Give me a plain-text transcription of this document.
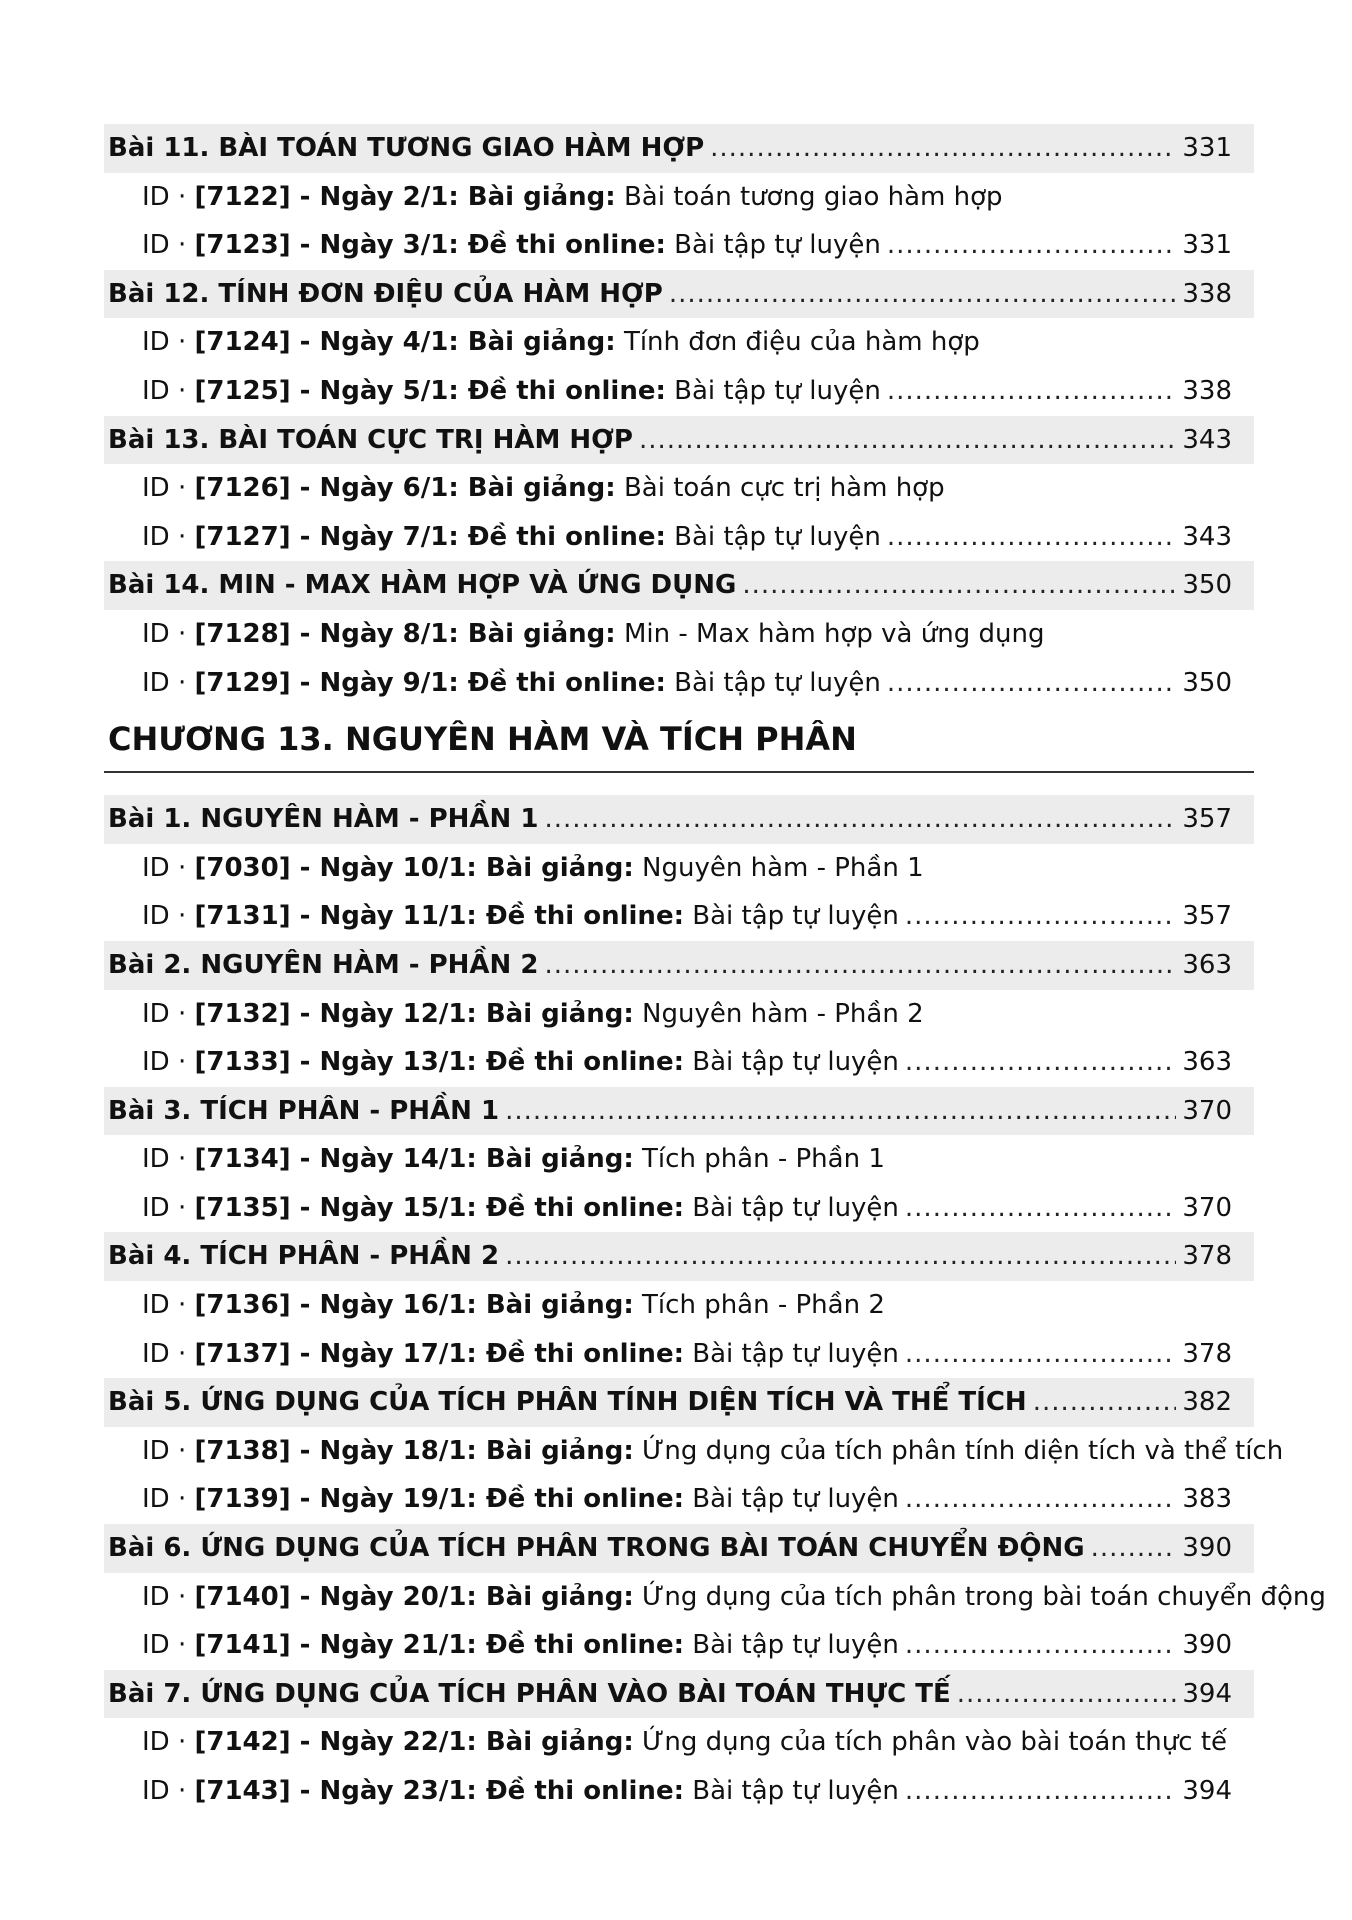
Bài 11. BÀI TOÁN TƯƠNG GIAO HÀM HỢP .....	331
ID · [7122] - Ngày 2/1: Bài giảng: Bài toán tương giao hàm hợp
ID · [7123] - Ngày 3/1: Đề thi online: Bài tập tự luyện .....	331
Bài 12. TÍNH ĐƠN ĐIỆU CỦA HÀM HỢP .....	338
ID · [7124] - Ngày 4/1: Bài giảng: Tính đơn điệu của hàm hợp
ID · [7125] - Ngày 5/1: Đề thi online: Bài tập tự luyện .....	338
Bài 13. BÀI TOÁN CỰC TRỊ HÀM HỢP .....	343
ID · [7126] - Ngày 6/1: Bài giảng: Bài toán cực trị hàm hợp
ID · [7127] - Ngày 7/1: Đề thi online: Bài tập tự luyện .....	343
Bài 14. MIN - MAX HÀM HỢP VÀ ỨNG DỤNG .....	350
ID · [7128] - Ngày 8/1: Bài giảng: Min - Max hàm hợp và ứng dụng
ID · [7129] - Ngày 9/1: Đề thi online: Bài tập tự luyện .....	350
CHƯƠNG 13. NGUYÊN HÀM VÀ TÍCH PHÂN
Bài 1. NGUYÊN HÀM - PHẦN 1 .....	357
ID · [7030] - Ngày 10/1: Bài giảng: Nguyên hàm - Phần 1
ID · [7131] - Ngày 11/1: Đề thi online: Bài tập tự luyện .....	357
Bài 2. NGUYÊN HÀM - PHẦN 2 .....	363
ID · [7132] - Ngày 12/1: Bài giảng: Nguyên hàm - Phần 2
ID · [7133] - Ngày 13/1: Đề thi online: Bài tập tự luyện .....	363
Bài 3. TÍCH PHÂN - PHẦN 1 .....	370
ID · [7134] - Ngày 14/1: Bài giảng: Tích phân - Phần 1
ID · [7135] - Ngày 15/1: Đề thi online: Bài tập tự luyện .....	370
Bài 4. TÍCH PHÂN - PHẦN 2 .....	378
ID · [7136] - Ngày 16/1: Bài giảng: Tích phân - Phần 2
ID · [7137] - Ngày 17/1: Đề thi online: Bài tập tự luyện .....	378
Bài 5. ỨNG DỤNG CỦA TÍCH PHÂN TÍNH DIỆN TÍCH VÀ THỂ TÍCH .....	382
ID · [7138] - Ngày 18/1: Bài giảng: Ứng dụng của tích phân tính diện tích và thể tích
ID · [7139] - Ngày 19/1: Đề thi online: Bài tập tự luyện .....	383
Bài 6. ỨNG DỤNG CỦA TÍCH PHÂN TRONG BÀI TOÁN CHUYỂN ĐỘNG .....	390
ID · [7140] - Ngày 20/1: Bài giảng: Ứng dụng của tích phân trong bài toán chuyển động
ID · [7141] - Ngày 21/1: Đề thi online: Bài tập tự luyện .....	390
Bài 7. ỨNG DỤNG CỦA TÍCH PHÂN VÀO BÀI TOÁN THỰC TẾ .....	394
ID · [7142] - Ngày 22/1: Bài giảng: Ứng dụng của tích phân vào bài toán thực tế
ID · [7143] - Ngày 23/1: Đề thi online: Bài tập tự luyện .....	394
